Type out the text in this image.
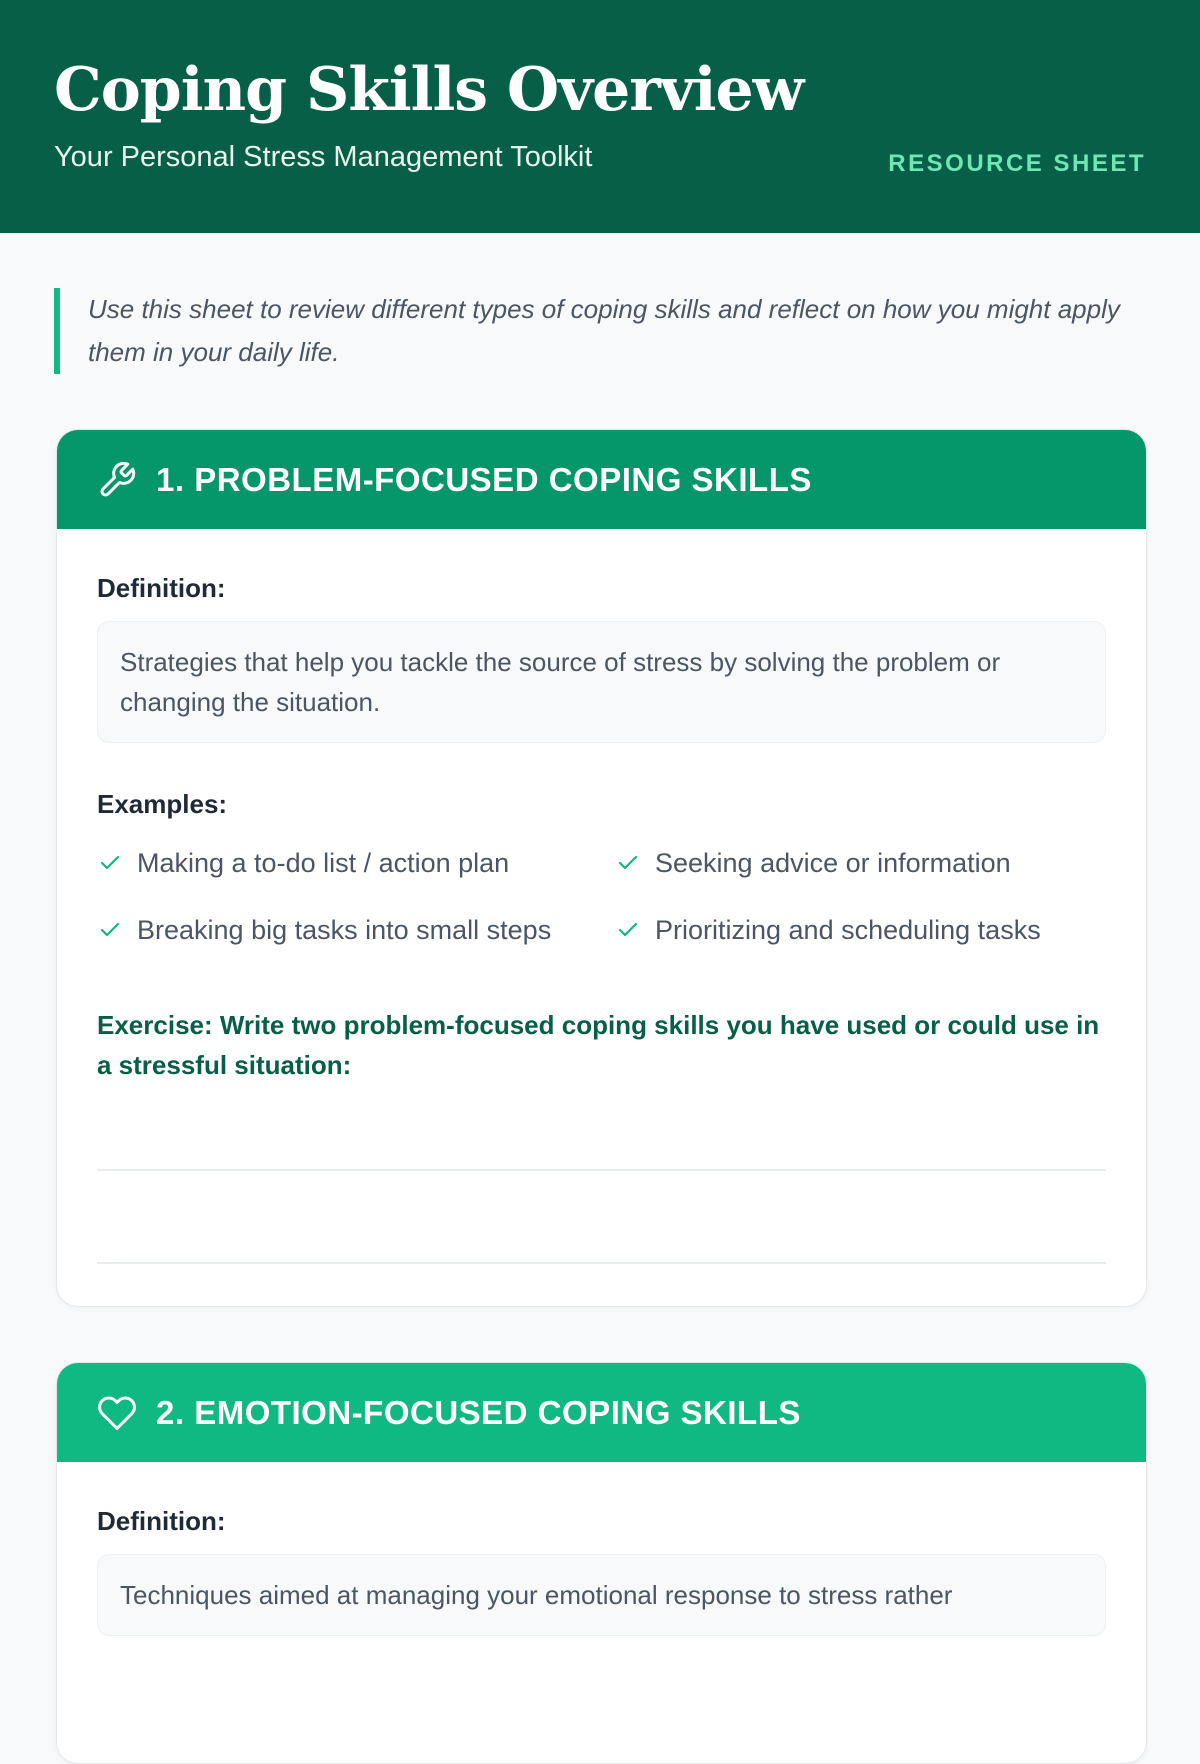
Coping Skills Overview
Your Personal Stress Management Toolkit	RESOURCE SHEET
Use this sheet to review different types of coping skills and reflect on how you might apply them in your daily life.
1. PROBLEM-FOCUSED COPING SKILLS
Definition:
Strategies that help you tackle the source of stress by solving the problem or changing the situation.
Examples:
Making a to-do list / action plan	Seeking advice or information
Breaking big tasks into small steps	Prioritizing and scheduling tasks
Exercise: Write two problem-focused coping skills you have used or could use in a stressful situation:
2. EMOTION-FOCUSED COPING SKILLS
Definition:
Techniques aimed at managing your emotional response to stress rather
